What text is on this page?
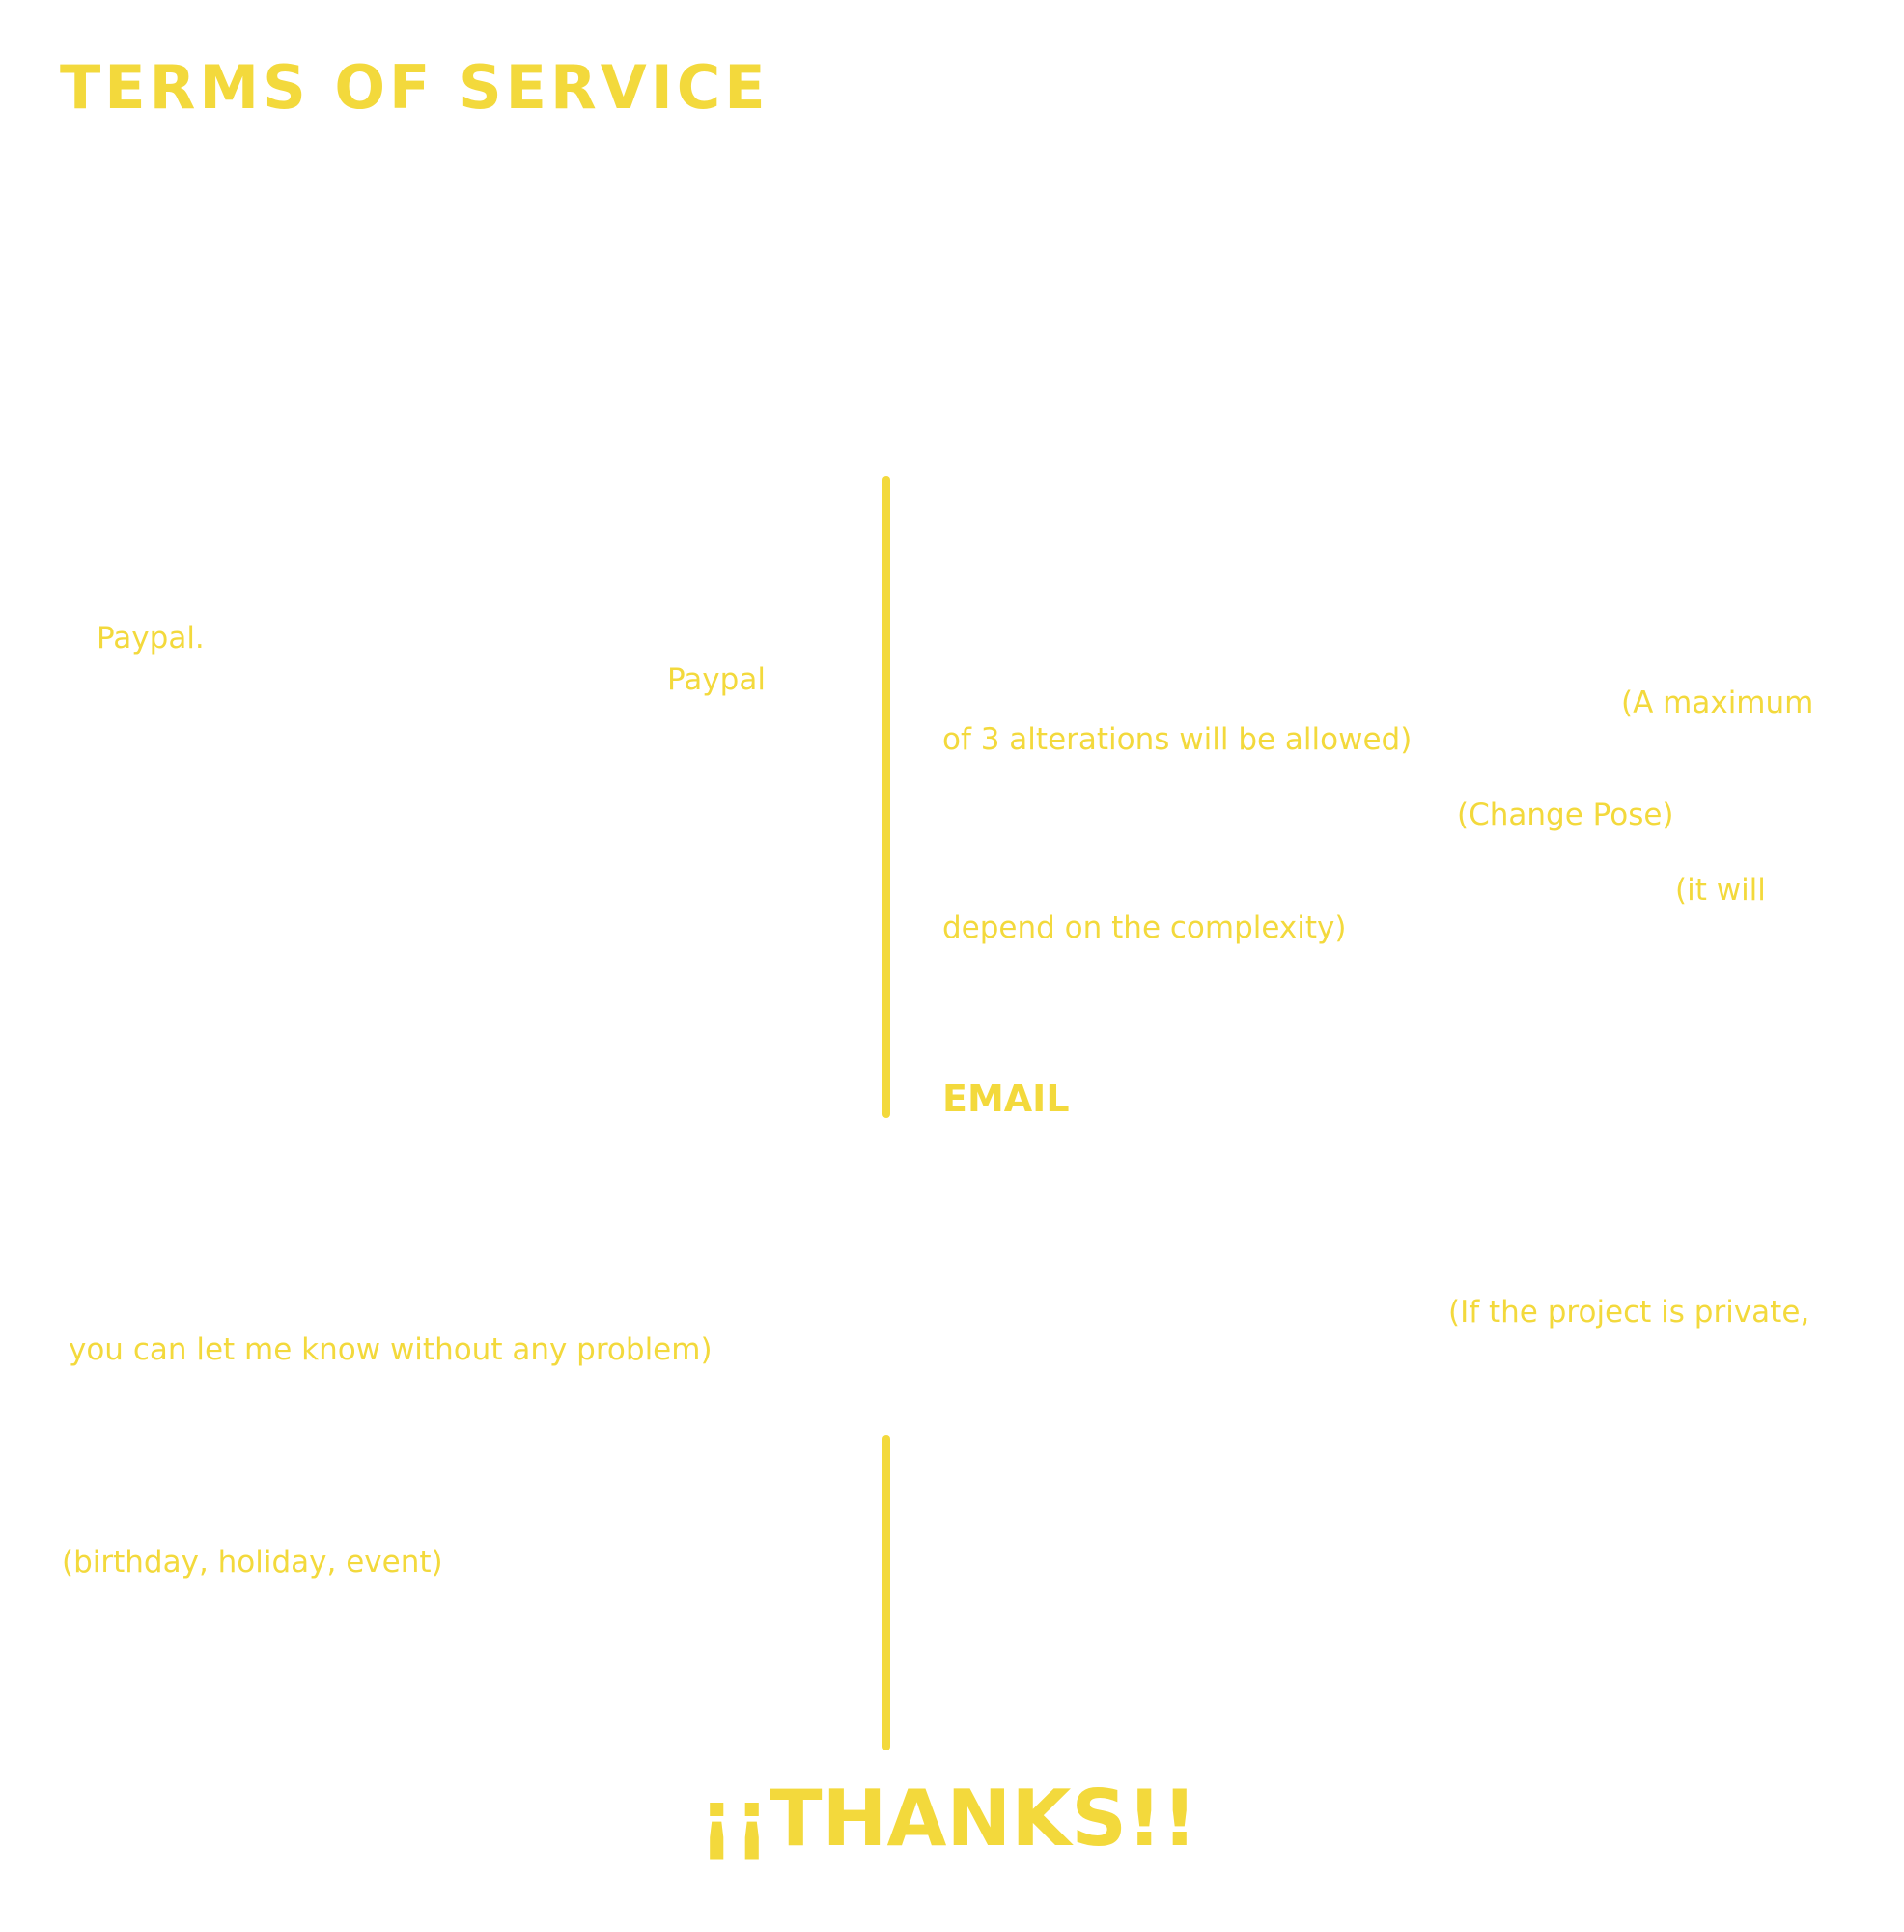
TERMS OF SERVICE

Paypal.

Paypal

(A maximum

of 3 alterations will be allowed)

(Change Pose)

(it will

depend on the complexity)

EMAIL

(If the project is private,

you can let me know without any problem)

(birthday, holiday, event)

¡¡THANKS!!
